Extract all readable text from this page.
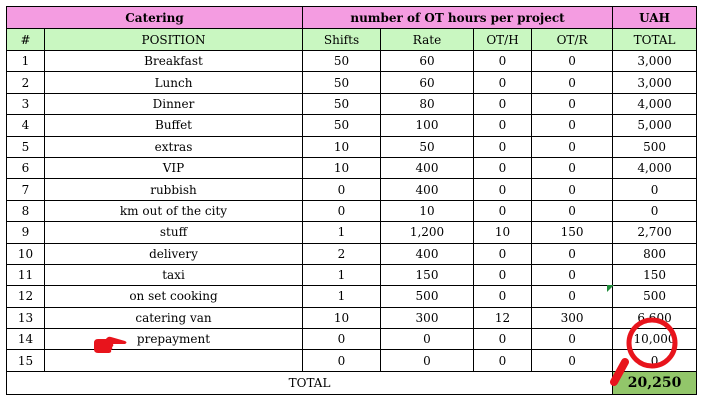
Catering		number of OT hours per project				UAH
#	POSITION	Shifts	Rate	OT/H	OT/R	TOTAL
1	Breakfast	50	60	0	0	3,000
2	Lunch	50	60	0	0	3,000
3	Dinner	50	80	0	0	4,000
4	Buffet	50	100	0	0	5,000
5	extras	10	50	0	0	500
6	VIP	10	400	0	0	4,000
7	rubbish	0	400	0	0	0
8	km out of the city	0	10	0	0	0
9	stuff	1	1,200	10	150	2,700
10	delivery	2	400	0	0	800
11	taxi	1	150	0	0	150
12	on set cooking	1	500	0	0	500
13	catering van	10	300	12	300	6,600
14	prepayment	0	0	0	0	10,000
15		0	0	0	0	0
TOTAL						20,250
